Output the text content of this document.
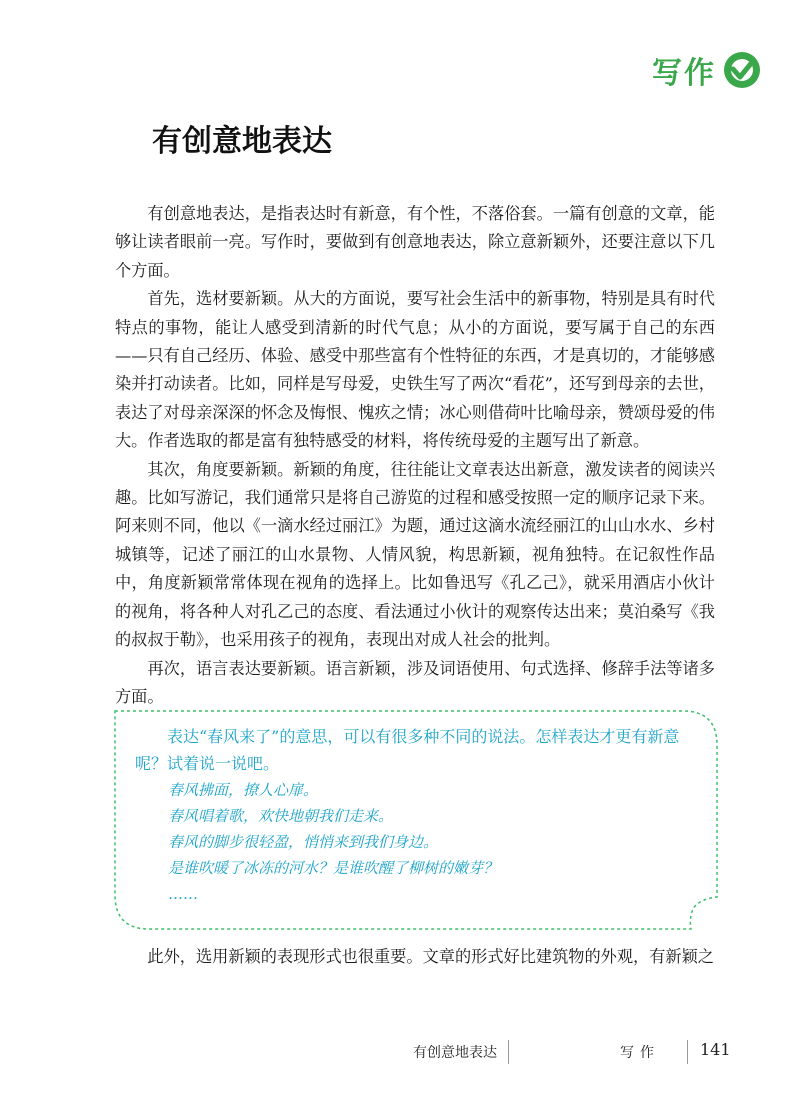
写作
有创意地表达

有创意地表达，是指表达时有新意，有个性，不落俗套。一篇有创意的文章，能够让读者眼前一亮。写作时，要做到有创意地表达，除立意新颖外，还要注意以下几个方面。

首先，选材要新颖。从大的方面说，要写社会生活中的新事物，特别是具有时代特点的事物，能让人感受到清新的时代气息；从小的方面说，要写属于自己的东西——只有自己经历、体验、感受中那些富有个性特征的东西，才是真切的，才能够感染并打动读者。比如，同样是写母爱，史铁生写了两次“看花”，还写到母亲的去世，表达了对母亲深深的怀念及悔恨、愧疚之情；冰心则借荷叶比喻母亲，赞颂母爱的伟大。作者选取的都是富有独特感受的材料，将传统母爱的主题写出了新意。

其次，角度要新颖。新颖的角度，往往能让文章表达出新意，激发读者的阅读兴趣。比如写游记，我们通常只是将自己游览的过程和感受按照一定的顺序记录下来。阿来则不同，他以《一滴水经过丽江》为题，通过这滴水流经丽江的山山水水、乡村城镇等，记述了丽江的山水景物、人情风貌，构思新颖，视角独特。在记叙性作品中，角度新颖常常体现在视角的选择上。比如鲁迅写《孔乙己》，就采用酒店小伙计的视角，将各种人对孔乙己的态度、看法通过小伙计的观察传达出来；莫泊桑写《我的叔叔于勒》，也采用孩子的视角，表现出对成人社会的批判。

再次，语言表达要新颖。语言新颖，涉及词语使用、句式选择、修辞手法等诸多方面。

表达“春风来了”的意思，可以有很多种不同的说法。怎样表达才更有新意呢？试着说一说吧。

春风拂面，撩人心扉。

春风唱着歌，欢快地朝我们走来。

春风的脚步很轻盈，悄悄来到我们身边。

是谁吹暖了冰冻的河水？是谁吹醒了柳树的嫩芽？

……

此外，选用新颖的表现形式也很重要。文章的形式好比建筑物的外观，有新颖之

有创意地表达	写作	141
